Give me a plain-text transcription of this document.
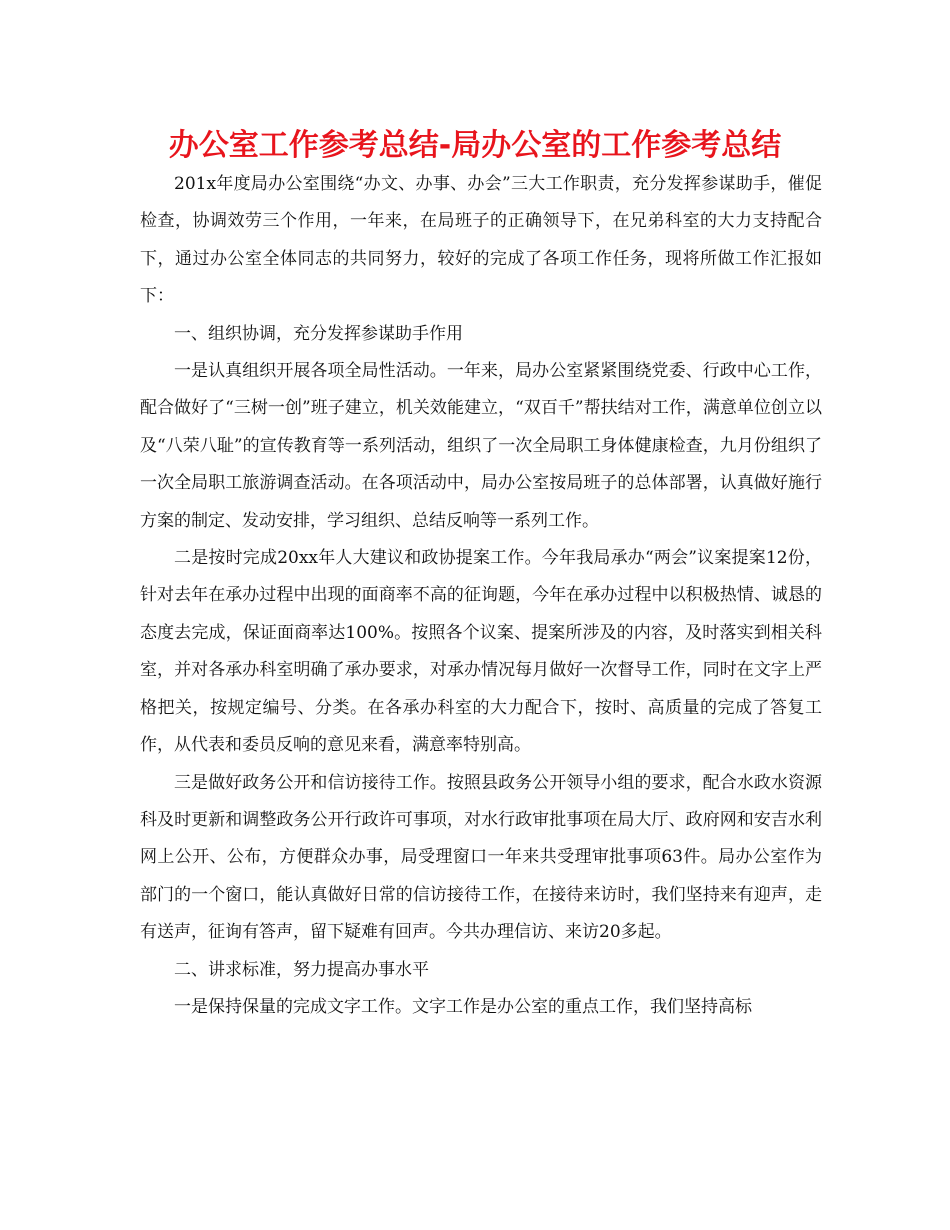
办公室工作参考总结-局办公室的工作参考总结

201x年度局办公室围绕“办文、办事、办会”三大工作职责，充分发挥参谋助手，催促检查，协调效劳三个作用，一年来，在局班子的正确领导下，在兄弟科室的大力支持配合下，通过办公室全体同志的共同努力，较好的完成了各项工作任务，现将所做工作汇报如下：

一、组织协调，充分发挥参谋助手作用

一是认真组织开展各项全局性活动。一年来，局办公室紧紧围绕党委、行政中心工作，配合做好了“三树一创”班子建立，机关效能建立，“双百千”帮扶结对工作，满意单位创立以及“八荣八耻”的宣传教育等一系列活动，组织了一次全局职工身体健康检查，九月份组织了一次全局职工旅游调查活动。在各项活动中，局办公室按局班子的总体部署，认真做好施行方案的制定、发动安排，学习组织、总结反响等一系列工作。

二是按时完成20xx年人大建议和政协提案工作。今年我局承办“两会”议案提案12份，针对去年在承办过程中出现的面商率不高的征询题，今年在承办过程中以积极热情、诚恳的态度去完成，保证面商率达100%。按照各个议案、提案所涉及的内容，及时落实到相关科室，并对各承办科室明确了承办要求，对承办情况每月做好一次督导工作，同时在文字上严格把关，按规定编号、分类。在各承办科室的大力配合下，按时、高质量的完成了答复工作，从代表和委员反响的意见来看，满意率特别高。

三是做好政务公开和信访接待工作。按照县政务公开领导小组的要求，配合水政水资源科及时更新和调整政务公开行政许可事项，对水行政审批事项在局大厅、政府网和安吉水利网上公开、公布，方便群众办事，局受理窗口一年来共受理审批事项63件。局办公室作为部门的一个窗口，能认真做好日常的信访接待工作，在接待来访时，我们坚持来有迎声，走有送声，征询有答声，留下疑难有回声。今共办理信访、来访20多起。

二、讲求标准，努力提高办事水平

一是保持保量的完成文字工作。文字工作是办公室的重点工作，我们坚持高标
